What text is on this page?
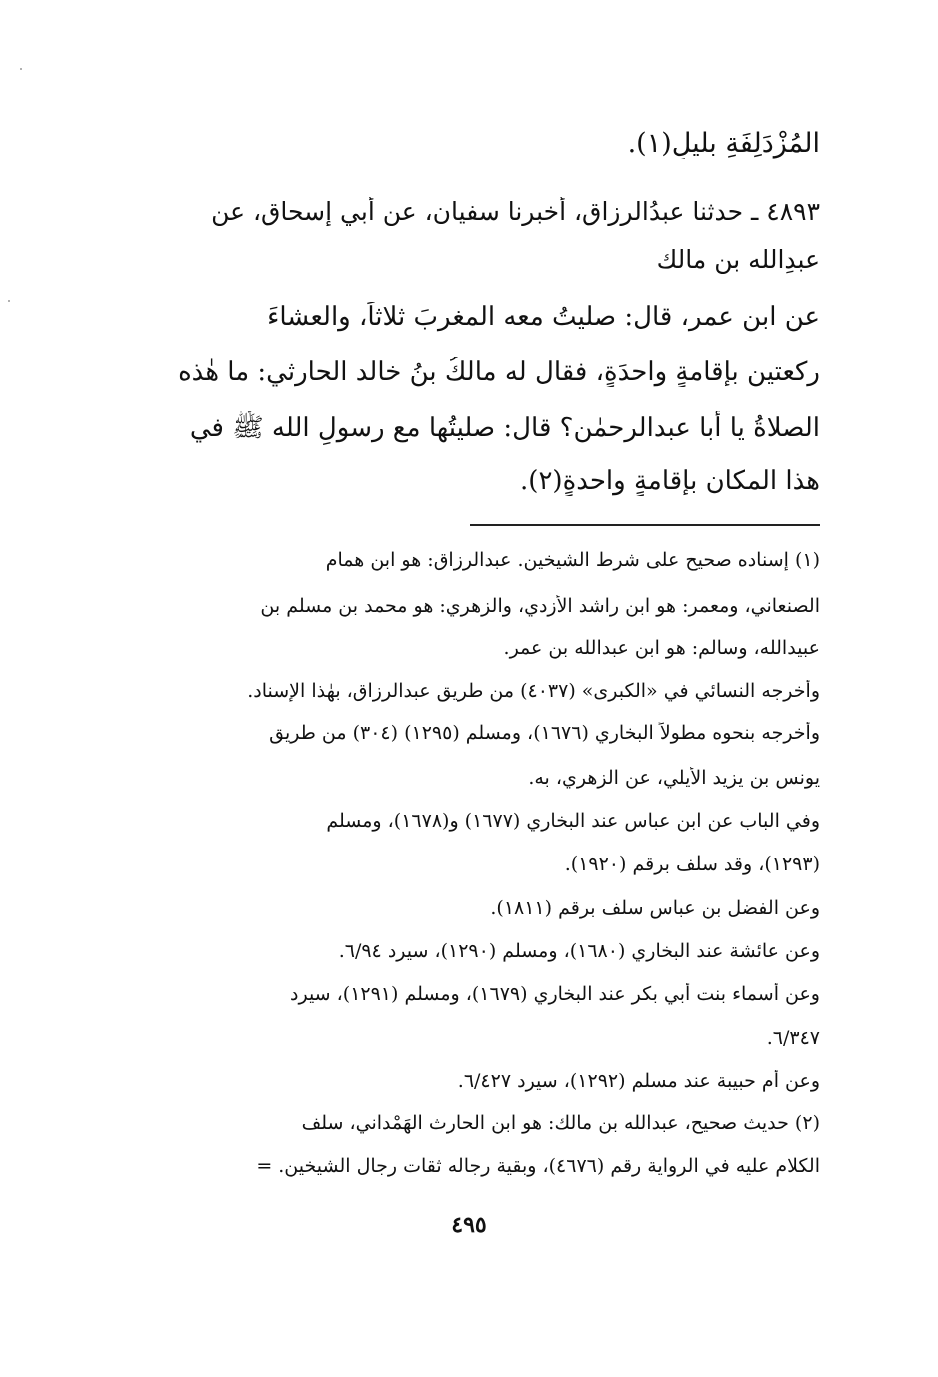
المُزْدَلِفَةِ بليلٍ(١).
٤٨٩٣ ـ حدثنا عبدُالرزاق، أخبرنا سفيان، عن أبي إسحاق، عن
عبدِالله بن مالك
عن ابنِ عمر، قال: صليتُ معه المغربَ ثلاثاً، والعشاءَ
ركعتين بإقامةٍ واحدَةٍ، فقال له مالكُ بنُ خالد الحارثي: ما هٰذه
الصلاةُ يا أبا عبدالرحمٰن؟ قال: صليتُها مع رسولِ الله ﷺ في
هذا المكان بإقامةٍ واحدةٍ(٢).
(١) إسناده صحيح على شرط الشيخين. عبدالرزاق: هو ابن همام
الصنعاني، ومعمر: هو ابن راشد الأزدي، والزهري: هو محمد بن مسلم بن
عبيدالله، وسالم: هو ابن عبدالله بن عمر.
وأخرجه النسائي في «الكبرى» (٤٠٣٧) من طريق عبدالرزاق، بهٰذا الإسناد.
وأخرجه بنحوه مطولاً البخاري (١٦٧٦)، ومسلم (١٢٩٥) (٣٠٤) من طريق
يونس بن يزيد الأيلي، عن الزهري، به.
وفي الباب عن ابن عباس عند البخاري (١٦٧٧) و(١٦٧٨)، ومسلم
(١٢٩٣)، وقد سلف برقم (١٩٢٠).
وعن الفضل بن عباس سلف برقم (١٨١١).
وعن عائشة عند البخاري (١٦٨٠)، ومسلم (١٢٩٠)، سيرد ٦/٩٤.
وعن أسماء بنت أبي بكر عند البخاري (١٦٧٩)، ومسلم (١٢٩١)، سيرد
٦/٣٤٧.
وعن أم حبيبة عند مسلم (١٢٩٢)، سيرد ٦/٤٢٧.
(٢) حديث صحيح، عبدالله بن مالك: هو ابن الحارث الهَمْداني، سلف
الكلام عليه في الرواية رقم (٤٦٧٦)، وبقية رجاله ثقات رجال الشيخين. =
٤٩٥
